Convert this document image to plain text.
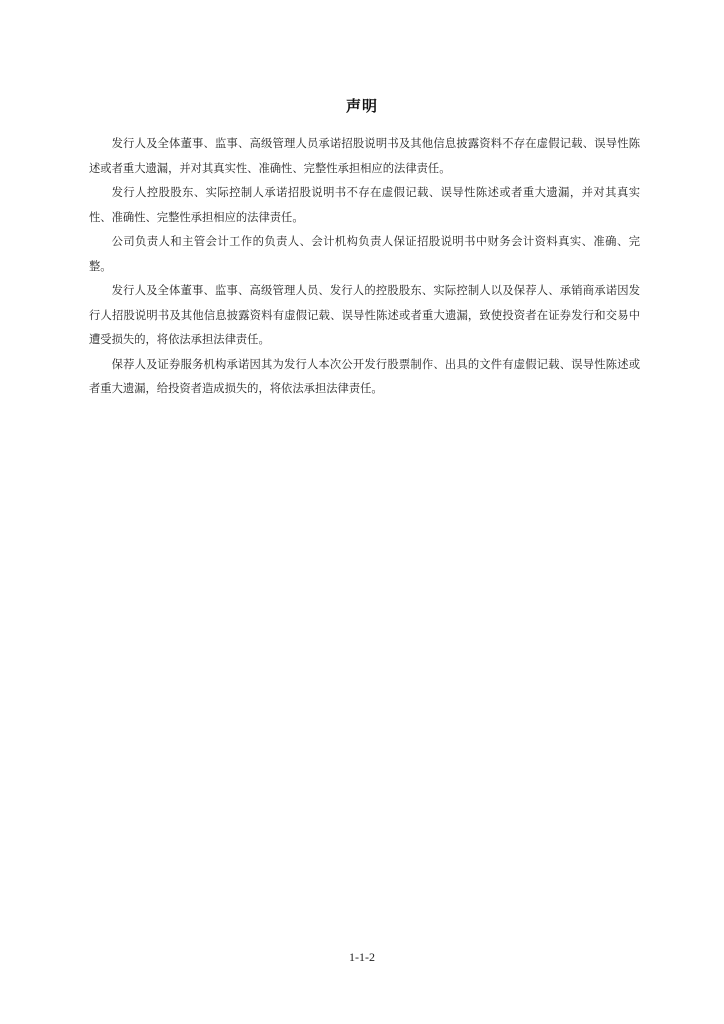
声明

发行人及全体董事、监事、高级管理人员承诺招股说明书及其他信息披露资料不存在虚假记载、误导性陈述或者重大遗漏，并对其真实性、准确性、完整性承担相应的法律责任。

发行人控股股东、实际控制人承诺招股说明书不存在虚假记载、误导性陈述或者重大遗漏，并对其真实性、准确性、完整性承担相应的法律责任。

公司负责人和主管会计工作的负责人、会计机构负责人保证招股说明书中财务会计资料真实、准确、完整。

发行人及全体董事、监事、高级管理人员、发行人的控股股东、实际控制人以及保荐人、承销商承诺因发行人招股说明书及其他信息披露资料有虚假记载、误导性陈述或者重大遗漏，致使投资者在证券发行和交易中遭受损失的，将依法承担法律责任。

保荐人及证券服务机构承诺因其为发行人本次公开发行股票制作、出具的文件有虚假记载、误导性陈述或者重大遗漏，给投资者造成损失的，将依法承担法律责任。

1-1-2
